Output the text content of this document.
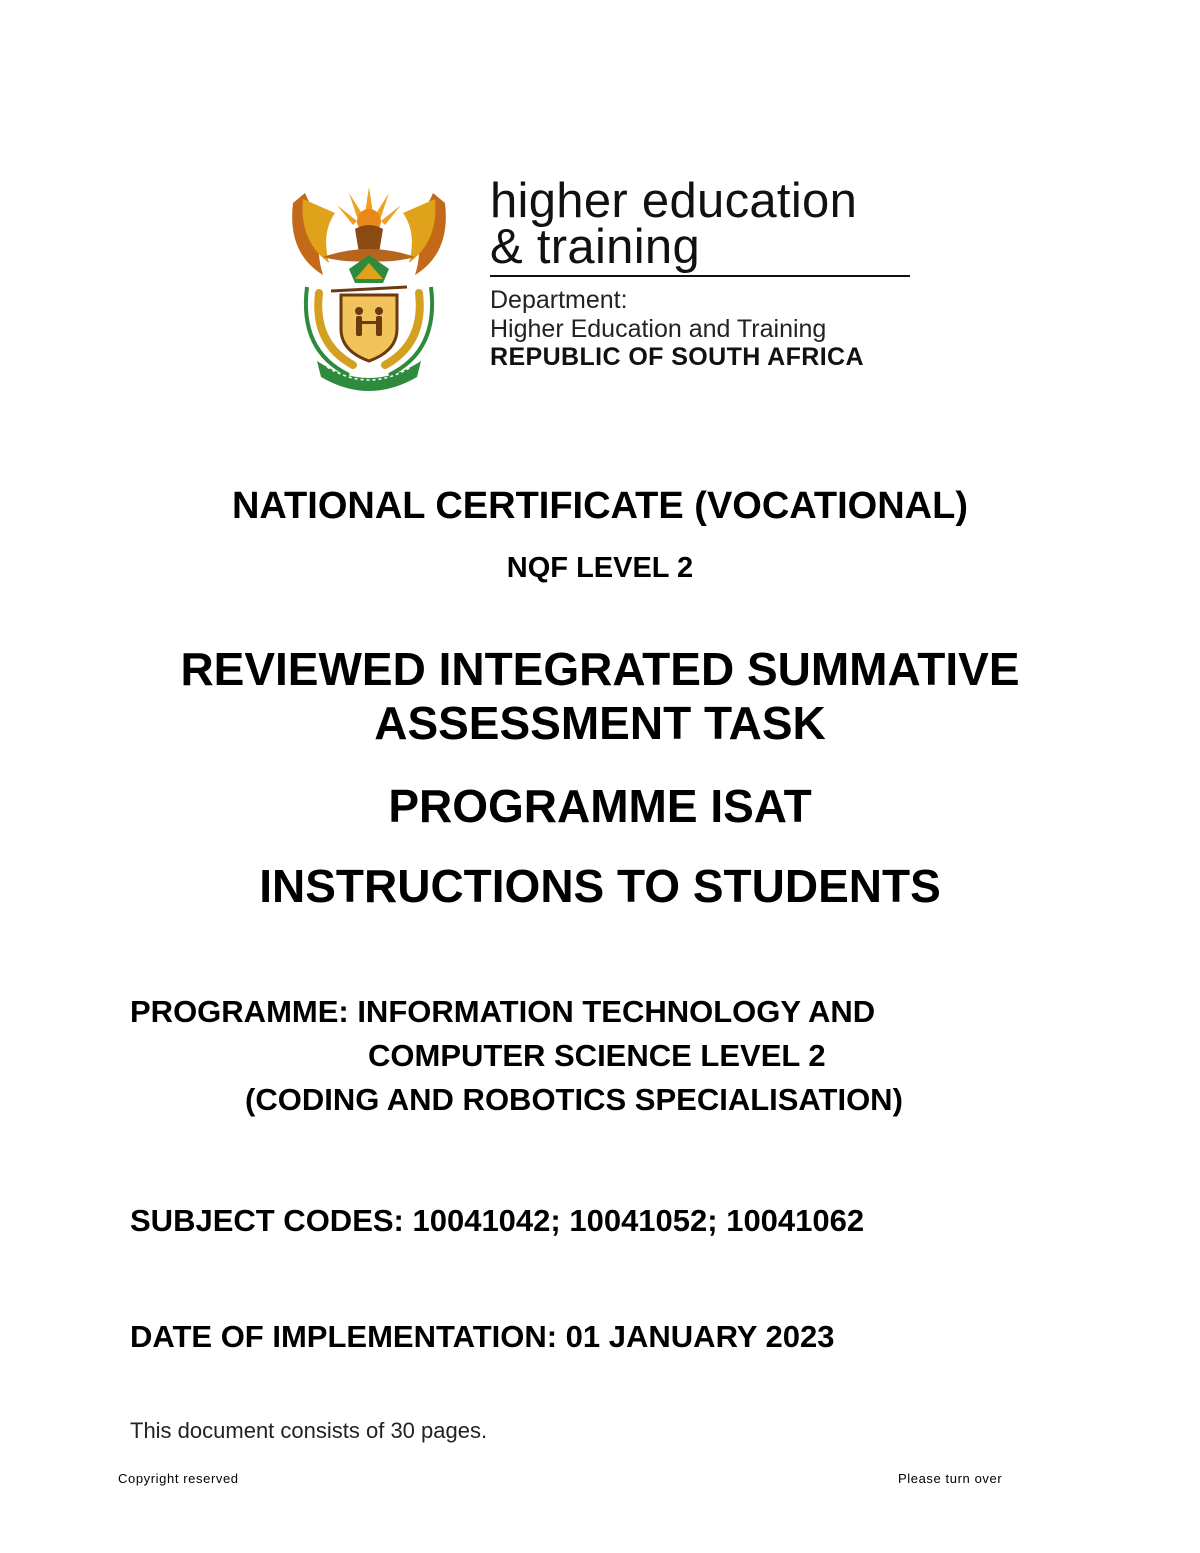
higher education
& training
Department:
Higher Education and Training
REPUBLIC OF SOUTH AFRICA
NATIONAL CERTIFICATE (VOCATIONAL)
NQF LEVEL 2
REVIEWED INTEGRATED SUMMATIVE
ASSESSMENT TASK
PROGRAMME ISAT
INSTRUCTIONS TO STUDENTS
PROGRAMME: INFORMATION TECHNOLOGY AND
COMPUTER SCIENCE LEVEL 2
(CODING AND ROBOTICS SPECIALISATION)
SUBJECT CODES: 10041042; 10041052; 10041062
DATE OF IMPLEMENTATION: 01 JANUARY 2023
This document consists of 30 pages.
Copyright reserved	Please turn over
